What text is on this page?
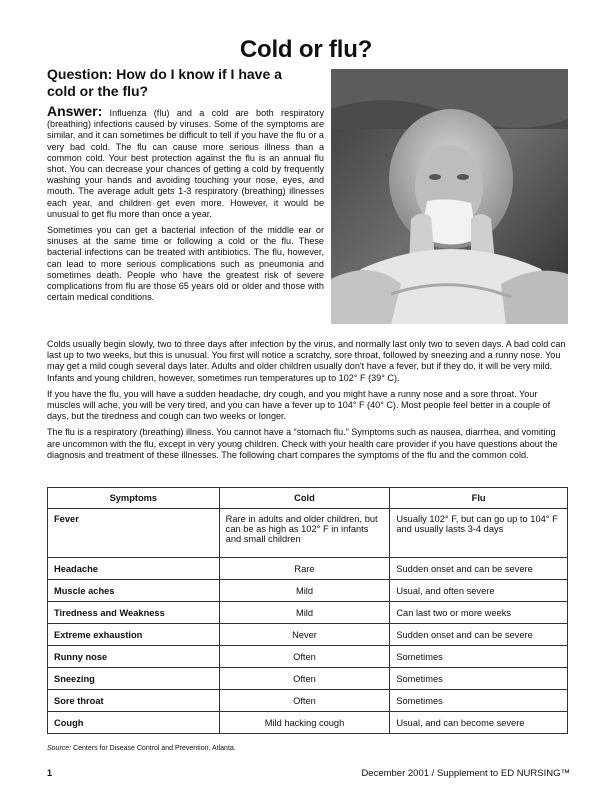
Cold or flu?
Question: How do I know if I have a cold or the flu?

Answer: Influenza (flu) and a cold are both respiratory (breathing) infections caused by viruses. Some of the symptoms are similar, and it can sometimes be difficult to tell if you have the flu or a very bad cold. The flu can cause more serious illness than a common cold. Your best protection against the flu is an annual flu shot. You can decrease your chances of getting a cold by frequently washing your hands and avoiding touching your nose, eyes, and mouth. The average adult gets 1-3 respiratory (breathing) illnesses each year, and children get even more. However, it would be unusual to get flu more than once a year.

Sometimes you can get a bacterial infection of the middle ear or sinuses at the same time or following a cold or the flu. These bacterial infections can be treated with antibiotics. The flu, however, can lead to more serious complications such as pneumonia and sometimes death. People who have the greatest risk of severe complications from flu are those 65 years old or older and those with certain medical conditions.

Colds usually begin slowly, two to three days after infection by the virus, and normally last only two to seven days. A bad cold can last up to two weeks, but this is unusual. You first will notice a scratchy, sore throat, followed by sneezing and a runny nose. You may get a mild cough several days later. Adults and older children usually don't have a fever, but if they do, it will be very mild. Infants and young children, however, sometimes run temperatures up to 102° F (39° C).

If you have the flu, you will have a sudden headache, dry cough, and you might have a runny nose and a sore throat. Your muscles will ache, you will be very tired, and you can have a fever up to 104° F (40° C). Most people feel better in a couple of days, but the tiredness and cough can two weeks or longer.

The flu is a respiratory (breathing) illness. You cannot have a “stomach flu.” Symptoms such as nausea, diarrhea, and vomiting are uncommon with the flu, except in very young children. Check with your health care provider if you have questions about the diagnosis and treatment of these illnesses. The following chart compares the symptoms of the flu and the common cold.

Symptoms	Cold	Flu
Fever	Rare in adults and older children, but can be as high as 102° F in infants and small children	Usually 102° F, but can go up to 104° F and usually lasts 3-4 days
Headache	Rare	Sudden onset and can be severe
Muscle aches	Mild	Usual, and often severe
Tiredness and Weakness	Mild	Can last two or more weeks
Extreme exhaustion	Never	Sudden onset and can be severe
Runny nose	Often	Sometimes
Sneezing	Often	Sometimes
Sore throat	Often	Sometimes
Cough	Mild hacking cough	Usual, and can become severe
Source: Centers for Disease Control and Prevention, Atlanta.
1	December 2001 / Supplement to ED NURSING™
